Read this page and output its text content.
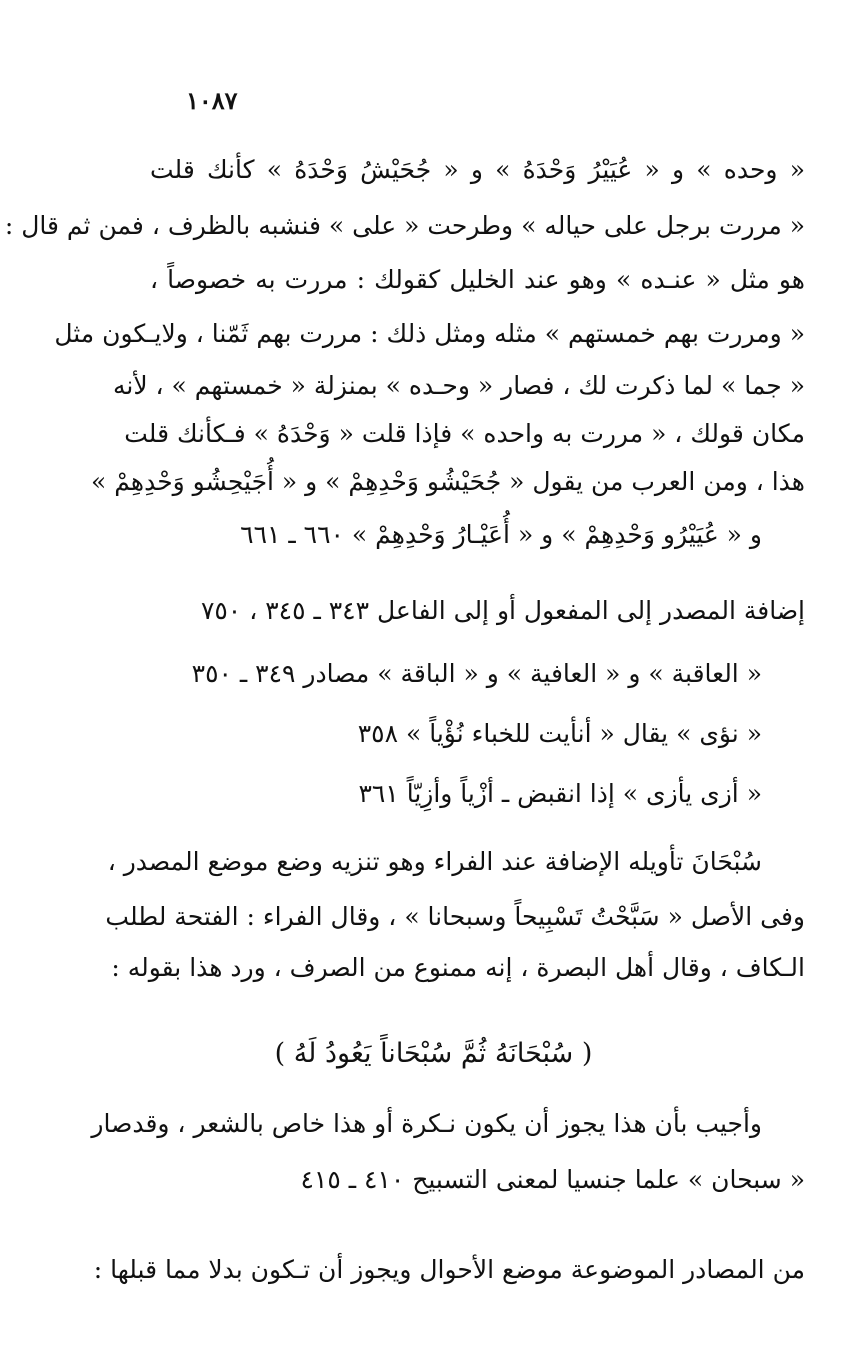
١٠٨٧
« وحده » و « عُيَيْرُ وَحْدَهُ » و « جُحَيْشُ وَحْدَهُ » كأنك قلت
« مررت برجل على حياله » وطرحت « على » فنشبه بالظرف ، فمن ثم قال :
هو مثل « عنـده » وهو عند الخليل كقولك : مررت به خصوصاً ،
« ومررت بهم خمستهم » مثله ومثل ذلك : مررت بهم ثَمّنا ، ولايـكون مثل
« جما » لما ذكرت لك ، فصار « وحـده » بمنزلة « خمستهم » ، لأنه
مكان قولك ، « مررت به واحده » فإذا قلت « وَحْدَهُ » فـكأنك قلت
هذا ، ومن العرب من يقول « جُحَيْشُو وَحْدِهِمْ » و « أُجَيْحِشُو وَحْدِهِمْ »
و « عُيَيْرُو وَحْدِهِمْ » و « أُعَيْـارُ وَحْدِهِمْ » ٦٦٠ ـ ٦٦١
إضافة المصدر إلى المفعول أو إلى الفاعل ٣٤٣ ـ ٣٤٥ ، ٧٥٠
« العاقبة » و « العافية » و « الباقة » مصادر ٣٤٩ ـ ٣٥٠
« نؤى » يقال « أنأيت للخباء نُؤْياً » ٣٥٨
« أزى يأزى » إذا انقبض ـ أزْياً وأزِيّاً ٣٦١
سُبْحَانَ تأويله الإضافة عند الفراء وهو تنزيه وضع موضع المصدر ،
وفى الأصل « سَبَّحْتُ تَسْبِيحاً وسبحانا » ، وقال الفراء : الفتحة لطلب
الـكاف ، وقال أهل البصرة ، إنه ممنوع من الصرف ، ورد هذا بقوله :
( سُبْحَانَهُ ثُمَّ سُبْحَاناً يَعُودُ لَهُ )
وأجيب بأن هذا يجوز أن يكون نـكرة أو هذا خاص بالشعر ، وقدصار
« سبحان » علما جنسيا لمعنى التسبيح ٤١٠ ـ ٤١٥
من المصادر الموضوعة موضع الأحوال ويجوز أن تـكون بدلا مما قبلها :
